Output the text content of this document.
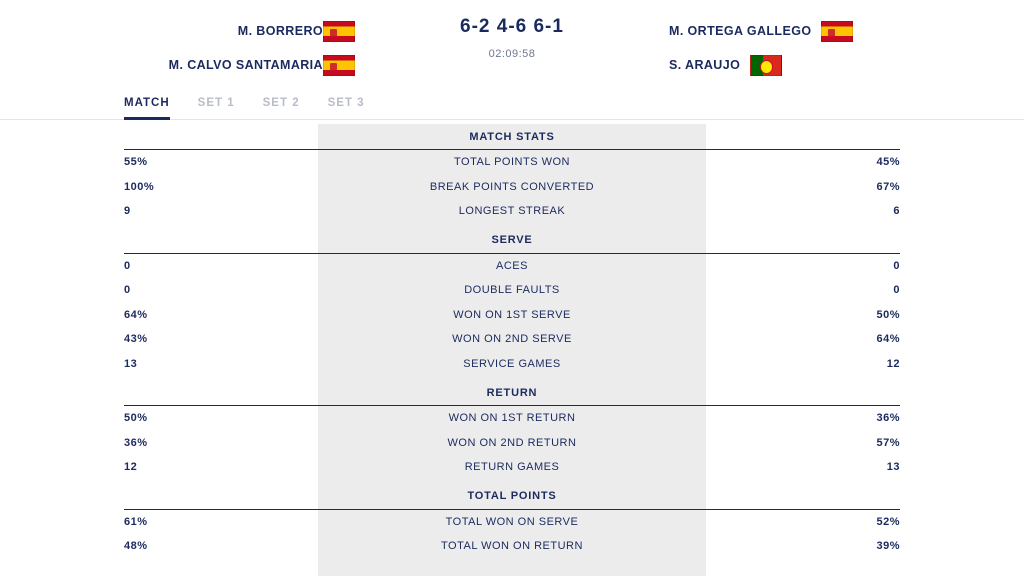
M. BORRERO
M. CALVO SANTAMARIA
6-2 4-6 6-1
02:09:58
M. ORTEGA GALLEGO
S. ARAUJO
MATCH	SET 1	SET 2	SET 3
MATCH STATS
55%	TOTAL POINTS WON	45%
100%	BREAK POINTS CONVERTED	67%
9	LONGEST STREAK	6
SERVE
0	ACES	0
0	DOUBLE FAULTS	0
64%	WON ON 1ST SERVE	50%
43%	WON ON 2ND SERVE	64%
13	SERVICE GAMES	12
RETURN
50%	WON ON 1ST RETURN	36%
36%	WON ON 2ND RETURN	57%
12	RETURN GAMES	13
TOTAL POINTS
61%	TOTAL WON ON SERVE	52%
48%	TOTAL WON ON RETURN	39%
